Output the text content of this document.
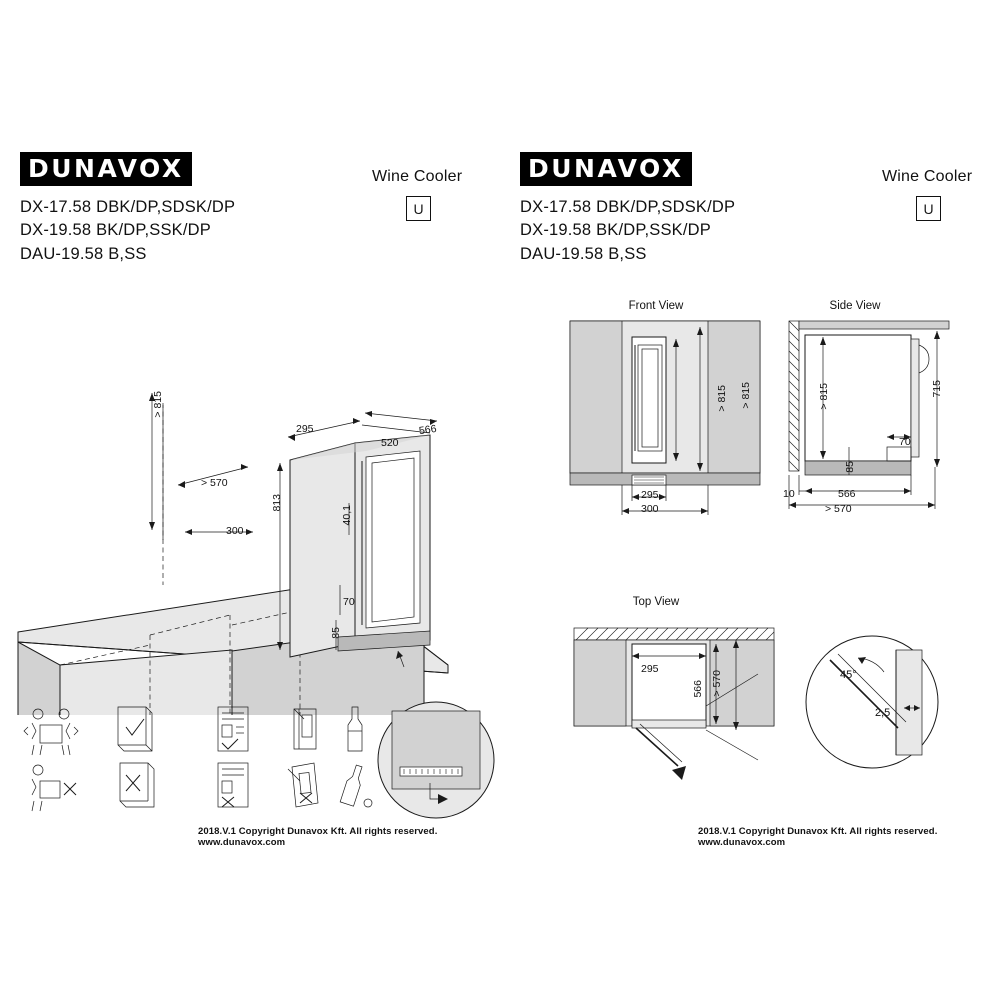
DUNAVOX
DX-17.58 DBK/DP,SDSK/DP
DX-19.58 BK/DP,SSK/DP
DAU-19.58 B,SS
Wine Cooler
U
> 815
> 570
300
295
520
566
813
40,1
70
85
2018.V.1 Copyright Dunavox Kft. All rights reserved. www.dunavox.com
DUNAVOX
DX-17.58 DBK/DP,SDSK/DP
DX-19.58 BK/DP,SSK/DP
DAU-19.58 B,SS
Wine Cooler
U
Front View	Side View
Top View
> 815 > 815
295
300
> 815	715
70
85
10	566
> 570
295
566 > 570	45°
2,5
2018.V.1 Copyright Dunavox Kft. All rights reserved. www.dunavox.com
